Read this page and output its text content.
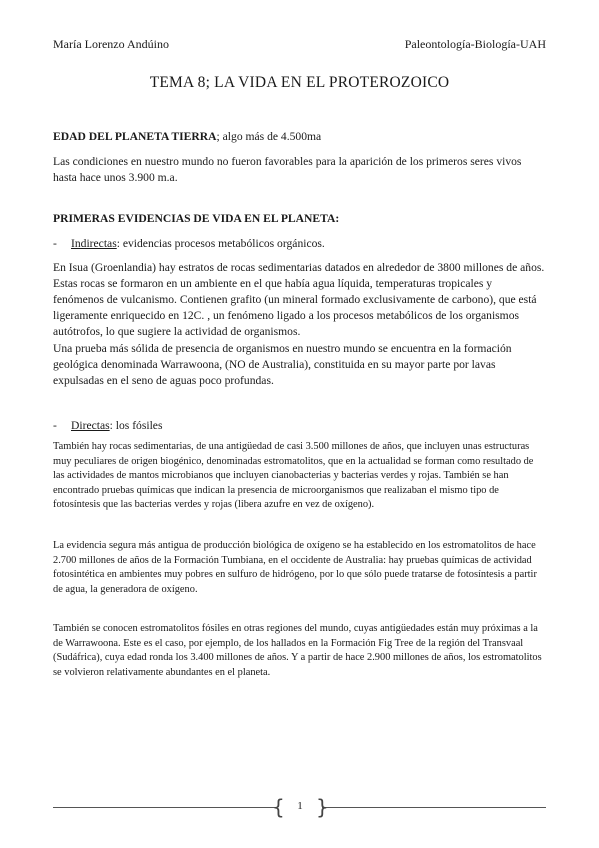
María Lorenzo Andúino	Paleontología-Biología-UAH
TEMA 8; LA VIDA EN EL PROTEROZOICO
EDAD DEL PLANETA TIERRA; algo más de 4.500ma

Las condiciones en nuestro mundo no fueron favorables para la aparición de los primeros seres vivos hasta hace unos 3.900 m.a.

PRIMERAS EVIDENCIAS DE VIDA EN EL PLANETA:
- Indirectas: evidencias procesos metabólicos orgánicos.

En Isua (Groenlandia) hay estratos de rocas sedimentarias datados en alrededor de 3800 millones de años. Estas rocas se formaron en un ambiente en el que había agua líquida, temperaturas tropicales y fenómenos de vulcanismo. Contienen grafito (un mineral formado exclusivamente de carbono), que está ligeramente enriquecido en 12C. , un fenómeno ligado a los procesos metabólicos de los organismos autótrofos, lo que sugiere la actividad de organismos.

Una prueba más sólida de presencia de organismos en nuestro mundo se encuentra en la formación geológica denominada Warrawoona, (NO de Australia), constituida en su mayor parte por lavas expulsadas en el seno de aguas poco profundas.

- Directas: los fósiles

También hay rocas sedimentarias, de una antigüedad de casi 3.500 millones de años, que incluyen unas estructuras muy peculiares de origen biogénico, denominadas estromatolitos, que en la actualidad se forman como resultado de las actividades de mantos microbianos que incluyen cianobacterias y bacterias verdes y rojas. También se han encontrado pruebas químicas que indican la presencia de microorganismos que realizaban el mismo tipo de fotosíntesis que las bacterias verdes y rojas (libera azufre en vez de oxígeno).

La evidencia segura más antigua de producción biológica de oxígeno se ha establecido en los estromatolitos de hace 2.700 millones de años de la Formación Tumbiana, en el occidente de Australia: hay pruebas químicas de actividad fotosintética en ambientes muy pobres en sulfuro de hidrógeno, por lo que sólo puede tratarse de fotosíntesis a partir de agua, la generadora de oxígeno.

También se conocen estromatolitos fósiles en otras regiones del mundo, cuyas antigüedades están muy próximas a la de Warrawoona. Este es el caso, por ejemplo, de los hallados en la Formación Fig Tree de la región del Transvaal (Sudáfrica), cuya edad ronda los 3.400 millones de años. Y a partir de hace 2.900 millones de años, los estromatolitos se volvieron relativamente abundantes en el planeta.

{ }
1
